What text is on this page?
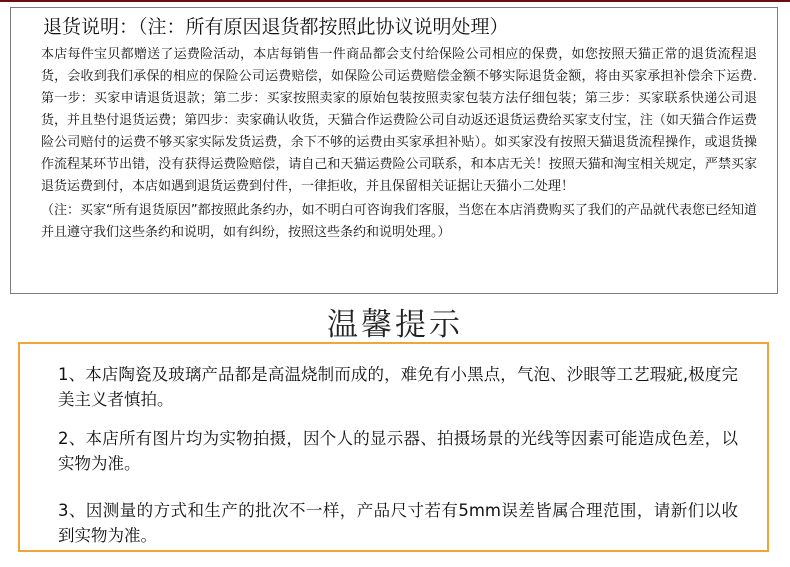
退货说明：（注：所有原因退货都按照此协议说明处理）

本店每件宝贝都赠送了运费险活动，本店每销售一件商品都会支付给保险公司相应的保费，如您按照天猫正常的退货流程退货，会收到我们承保的相应的保险公司运费赔偿，如保险公司运费赔偿金额不够实际退货金额，将由买家承担补偿余下运费. 第一步：买家申请退货退款；第二步：买家按照卖家的原始包装按照卖家包装方法仔细包装；第三步：买家联系快递公司退货，并且垫付退货运费；第四步：卖家确认收货，天猫合作运费险公司自动返还退货运费给买家支付宝，注（如天猫合作运费险公司赔付的运费不够买家实际发货运费，余下不够的运费由买家承担补贴）。如买家没有按照天猫退货流程操作，或退货操作流程某环节出错，没有获得运费险赔偿，请自己和天猫运费险公司联系，和本店无关！按照天猫和淘宝相关规定，严禁买家退货运费到付，本店如遇到退货运费到付件，一律拒收，并且保留相关证据让天猫小二处理！

（注：买家“所有退货原因”都按照此条约办，如不明白可咨询我们客服，当您在本店消费购买了我们的产品就代表您已经知道并且遵守我们这些条约和说明，如有纠纷，按照这些条约和说明处理。）

温馨提示
1、本店陶瓷及玻璃产品都是高温烧制而成的，难免有小黑点，气泡、沙眼等工艺瑕疵,极度完美主义者慎拍。
2、本店所有图片均为实物拍摄，因个人的显示器、拍摄场景的光线等因素可能造成色差，以实物为准。
3、因测量的方式和生产的批次不一样，产品尺寸若有5mm误差皆属合理范围，请新们以收到实物为准。
